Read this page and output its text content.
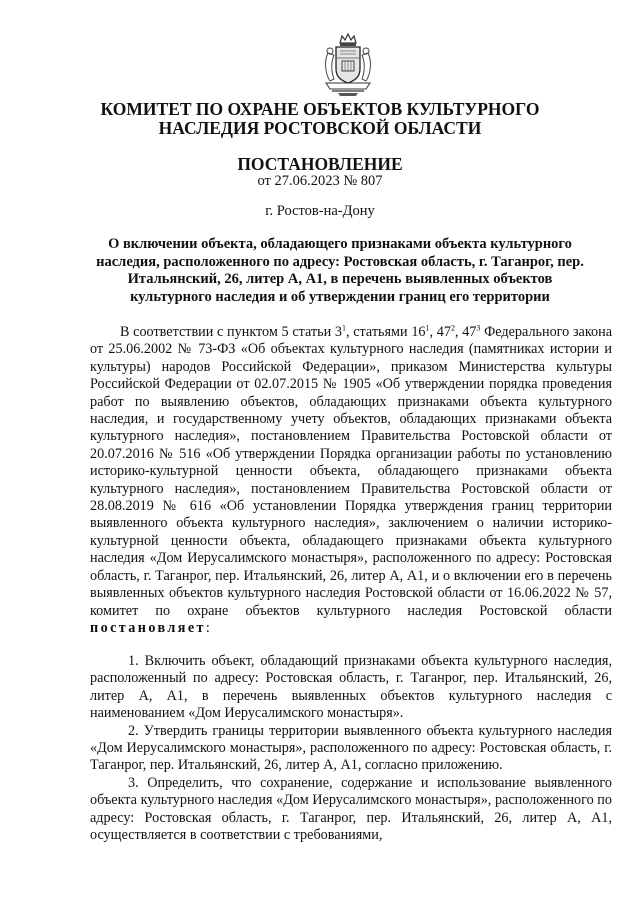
КОМИТЕТ ПО ОХРАНЕ ОБЪЕКТОВ КУЛЬТУРНОГО
НАСЛЕДИЯ РОСТОВСКОЙ ОБЛАСТИ
ПОСТАНОВЛЕНИЕ
от 27.06.2023 № 807
г. Ростов-на-Дону
О включении объекта, обладающего признаками объекта культурного наследия, расположенного по адресу: Ростовская область, г. Таганрог, пер. Итальянский, 26, литер А, А1, в перечень выявленных объектов культурного наследия и об утверждении границ его территории
В соответствии с пунктом 5 статьи $3^1$, статьями $16^1$, $47^2$, $47^3$ Федерального закона от 25.06.2002 № 73-ФЗ «Об объектах культурного наследия (памятниках истории и культуры) народов Российской Федерации», приказом Министерства культуры Российской Федерации от 02.07.2015 № 1905 «Об утверждении порядка проведения работ по выявлению объектов, обладающих признаками объекта культурного наследия, и государственному учету объектов, обладающих признаками объекта культурного наследия», постановлением Правительства Ростовской области от 20.07.2016 № 516 «Об утверждении Порядка организации работы по установлению историко-культурной ценности объекта, обладающего признаками объекта культурного наследия», постановлением Правительства Ростовской области от 28.08.2019 № 616 «Об установлении Порядка утверждения границ территории выявленного объекта культурного наследия», заключением о наличии историко-культурной ценности объекта, обладающего признаками объекта культурного наследия «Дом Иерусалимского монастыря», расположенного по адресу: Ростовская область, г. Таганрог, пер. Итальянский, 26, литер А, А1, и о включении его в перечень выявленных объектов культурного наследия Ростовской области от 16.06.2022 № 57, комитет по охране объектов культурного наследия Ростовской области постановляет:

1. Включить объект, обладающий признаками объекта культурного наследия, расположенный по адресу: Ростовская область, г. Таганрог, пер. Итальянский, 26, литер А, А1, в перечень выявленных объектов культурного наследия с наименованием «Дом Иерусалимского монастыря».

2. Утвердить границы территории выявленного объекта культурного наследия «Дом Иерусалимского монастыря», расположенного по адресу: Ростовская область, г. Таганрог, пер. Итальянский, 26, литер А, А1, согласно приложению.

3. Определить, что сохранение, содержание и использование выявленного объекта культурного наследия «Дом Иерусалимского монастыря», расположенного по адресу: Ростовская область, г. Таганрог, пер. Итальянский, 26, литер А, А1, осуществляется в соответствии с требованиями,
